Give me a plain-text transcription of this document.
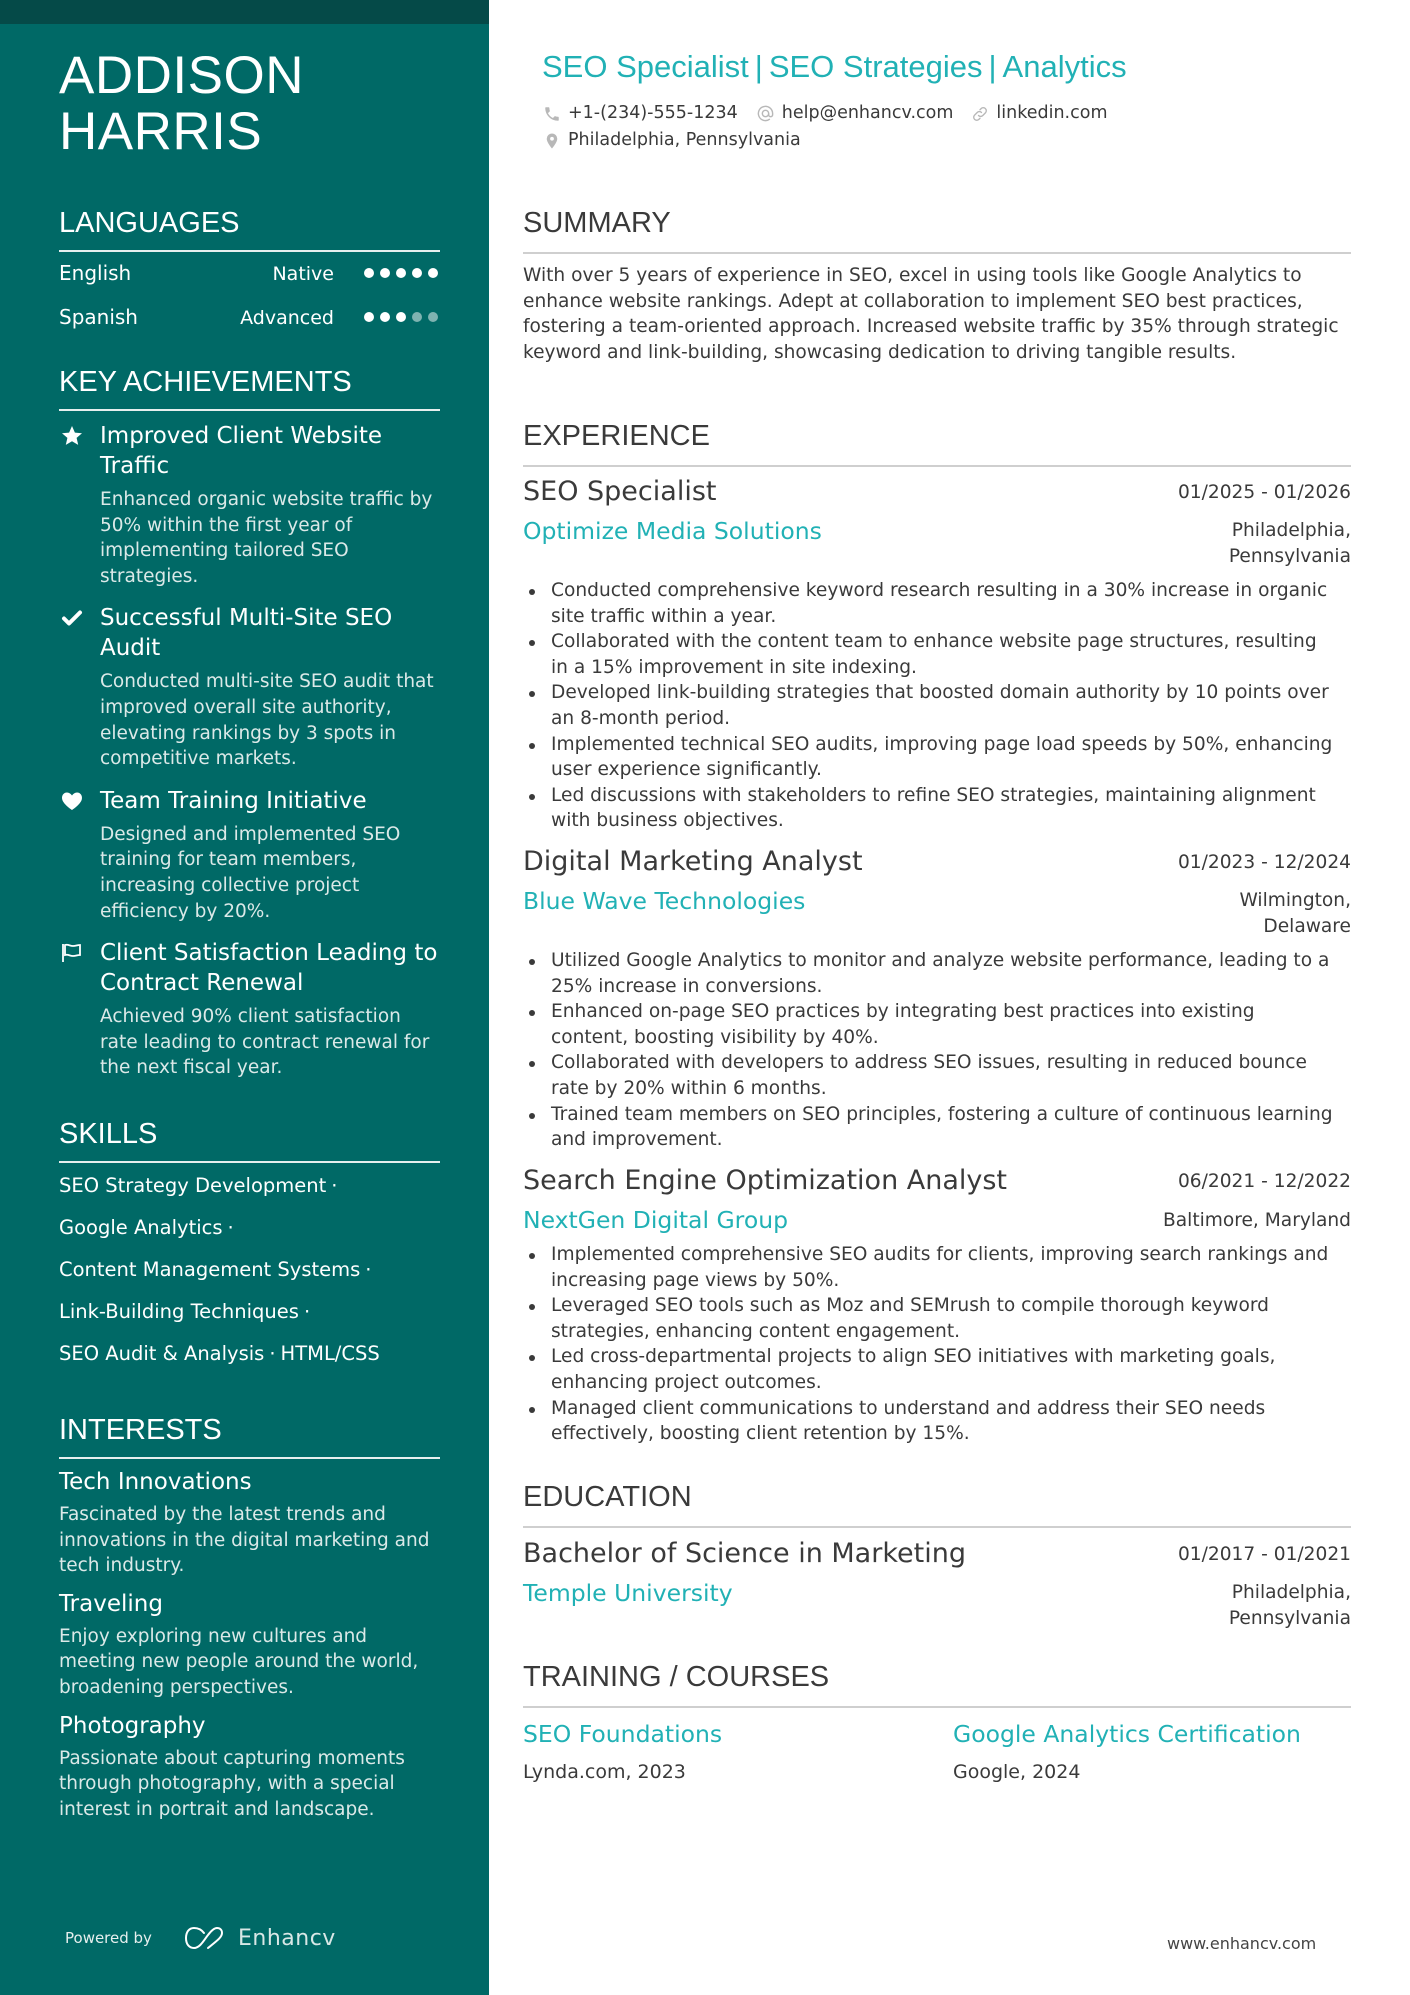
ADDISON
HARRIS
LANGUAGES
English	Native
Spanish	Advanced
KEY ACHIEVEMENTS
Improved Client Website Traffic
Enhanced organic website traffic by 50% within the first year of implementing tailored SEO strategies.
Successful Multi-Site SEO Audit
Conducted multi-site SEO audit that improved overall site authority, elevating rankings by 3 spots in competitive markets.
Team Training Initiative
Designed and implemented SEO training for team members, increasing collective project efficiency by 20%.
Client Satisfaction Leading to Contract Renewal
Achieved 90% client satisfaction rate leading to contract renewal for the next fiscal year.
SKILLS
SEO Strategy Development ·
Google Analytics ·
Content Management Systems ·
Link-Building Techniques ·
SEO Audit & Analysis · HTML/CSS
INTERESTS
Tech Innovations
Fascinated by the latest trends and innovations in the digital marketing and tech industry.
Traveling
Enjoy exploring new cultures and meeting new people around the world, broadening perspectives.
Photography
Passionate about capturing moments through photography, with a special interest in portrait and landscape.
Powered by	Enhancv
SEO Specialist | SEO Strategies | Analytics
+1-(234)-555-1234	help@enhancv.com linkedin.com
Philadelphia, Pennsylvania
SUMMARY

With over 5 years of experience in SEO, excel in using tools like Google Analytics to enhance website rankings. Adept at collaboration to implement SEO best practices, fostering a team-oriented approach. Increased website traffic by 35% through strategic keyword and link-building, showcasing dedication to driving tangible results.

EXPERIENCE
SEO Specialist	01/2025 - 01/2026
Optimize Media Solutions	Philadelphia,
Pennsylvania
Conducted comprehensive keyword research resulting in a 30% increase in organic site traffic within a year.
Collaborated with the content team to enhance website page structures, resulting in a 15% improvement in site indexing.
Developed link-building strategies that boosted domain authority by 10 points over an 8-month period.
Implemented technical SEO audits, improving page load speeds by 50%, enhancing user experience significantly.
Led discussions with stakeholders to refine SEO strategies, maintaining alignment with business objectives.
Digital Marketing Analyst	01/2023 - 12/2024
Blue Wave Technologies	Wilmington,
Delaware
Utilized Google Analytics to monitor and analyze website performance, leading to a 25% increase in conversions.
Enhanced on-page SEO practices by integrating best practices into existing content, boosting visibility by 40%.
Collaborated with developers to address SEO issues, resulting in reduced bounce rate by 20% within 6 months.
Trained team members on SEO principles, fostering a culture of continuous learning and improvement.
Search Engine Optimization Analyst	06/2021 - 12/2022
NextGen Digital Group	Baltimore, Maryland
Implemented comprehensive SEO audits for clients, improving search rankings and increasing page views by 50%.
Leveraged SEO tools such as Moz and SEMrush to compile thorough keyword strategies, enhancing content engagement.
Led cross-departmental projects to align SEO initiatives with marketing goals, enhancing project outcomes.
Managed client communications to understand and address their SEO needs effectively, boosting client retention by 15%.
EDUCATION
Bachelor of Science in Marketing	01/2017 - 01/2021
Temple University	Philadelphia,
Pennsylvania
TRAINING / COURSES
SEO Foundations
Lynda.com, 2023
Google Analytics Certification
Google, 2024
www.enhancv.com
